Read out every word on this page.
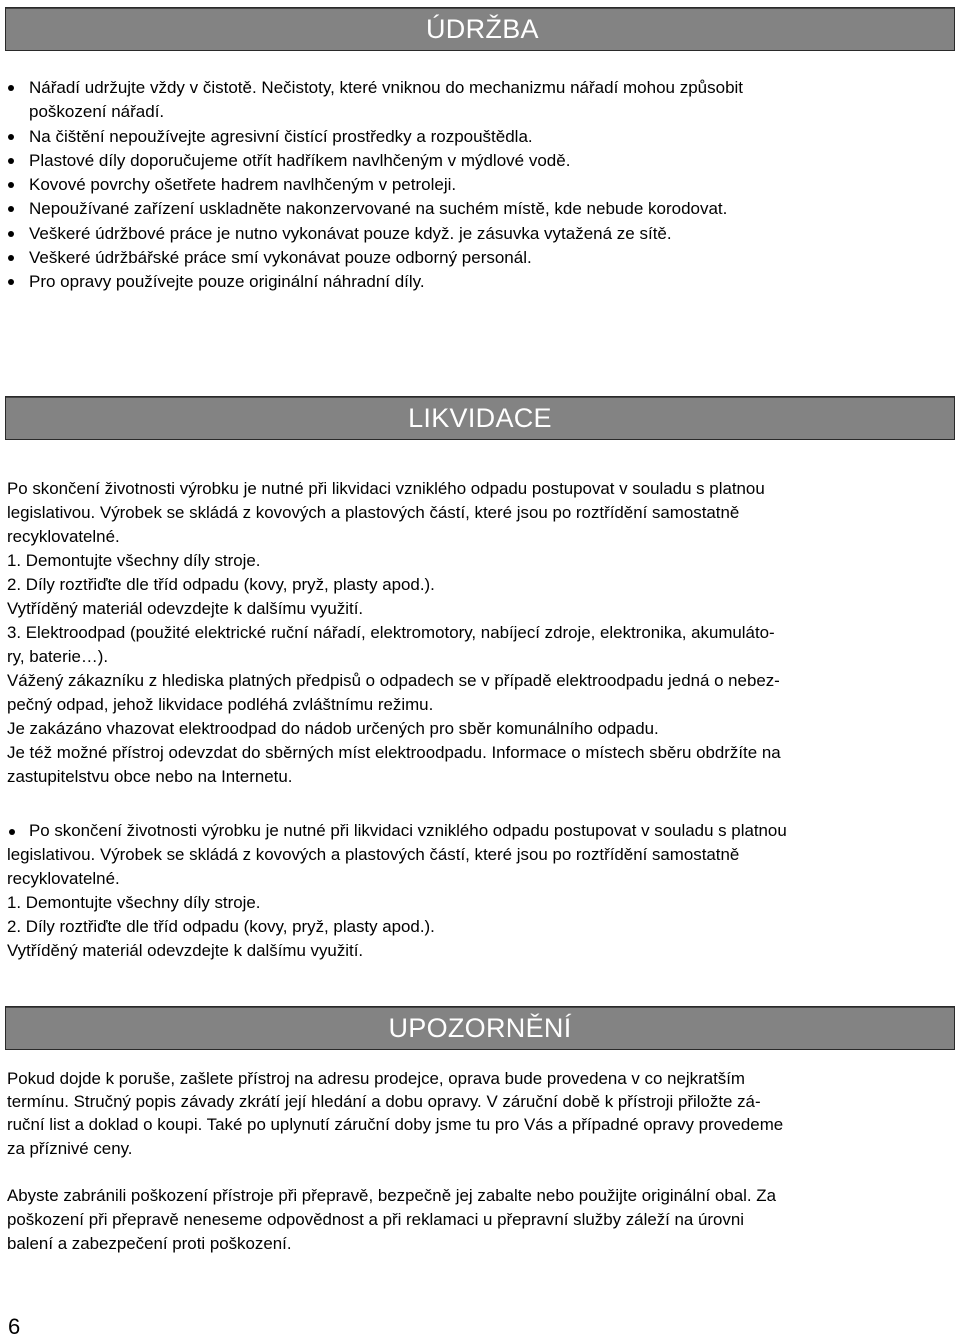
ÚDRŽBA
Nářadí udržujte vždy v čistotě. Nečistoty, které vniknou do mechanizmu nářadí mohou způsobit
poškození nářadí.
Na čištění nepoužívejte agresivní čistící prostředky a rozpouštědla.
Plastové díly doporučujeme otřít hadříkem navlhčeným v mýdlové vodě.
Kovové povrchy ošetřete hadrem navlhčeným v petroleji.
Nepoužívané zařízení uskladněte nakonzervované na suchém místě, kde nebude korodovat.
Veškeré údržbové práce je nutno vykonávat pouze když. je zásuvka vytažená ze sítě.
Veškeré údržbářské práce smí vykonávat pouze odborný personál.
Pro opravy používejte pouze originální náhradní díly.
LIKVIDACE
Po skončení životnosti výrobku je nutné při likvidaci vzniklého odpadu postupovat v souladu s platnou
legislativou. Výrobek se skládá z kovových a plastových částí, které jsou po roztřídění samostatně
recyklovatelné.
1. Demontujte všechny díly stroje.
2. Díly roztřiďte dle tříd odpadu (kovy, pryž, plasty apod.).
Vytříděný materiál odevzdejte k dalšímu využití.
3. Elektroodpad (použité elektrické ruční nářadí, elektromotory, nabíjecí zdroje, elektronika, akumuláto-
ry, baterie…).
Vážený zákazníku z hlediska platných předpisů o odpadech se v případě elektroodpadu jedná o nebez-
pečný odpad, jehož likvidace podléhá zvláštnímu režimu.
Je zakázáno vhazovat elektroodpad do nádob určených pro sběr komunálního odpadu.
Je též možné přístroj odevzdat do sběrných míst elektroodpadu. Informace o místech sběru obdržíte na
zastupitelstvu obce nebo na Internetu.
Po skončení životnosti výrobku je nutné při likvidaci vzniklého odpadu postupovat v souladu s platnou
legislativou. Výrobek se skládá z kovových a plastových částí, které jsou po roztřídění samostatně
recyklovatelné.
1. Demontujte všechny díly stroje.
2. Díly roztřiďte dle tříd odpadu (kovy, pryž, plasty apod.).
Vytříděný materiál odevzdejte k dalšímu využití.
UPOZORNĚNÍ
Pokud dojde k poruše, zašlete přístroj na adresu prodejce, oprava bude provedena v co nejkratším
termínu. Stručný popis závady zkrátí její hledání a dobu opravy. V záruční době k přístroji přiložte zá-
ruční list a doklad o koupi. Také po uplynutí záruční doby jsme tu pro Vás a případné opravy provedeme
za příznivé ceny.
Abyste zabránili poškození přístroje při přepravě, bezpečně jej zabalte nebo použijte originální obal. Za
poškození při přepravě neneseme odpovědnost a při reklamaci u přepravní služby záleží na úrovni
balení a zabezpečení proti poškození.
6
